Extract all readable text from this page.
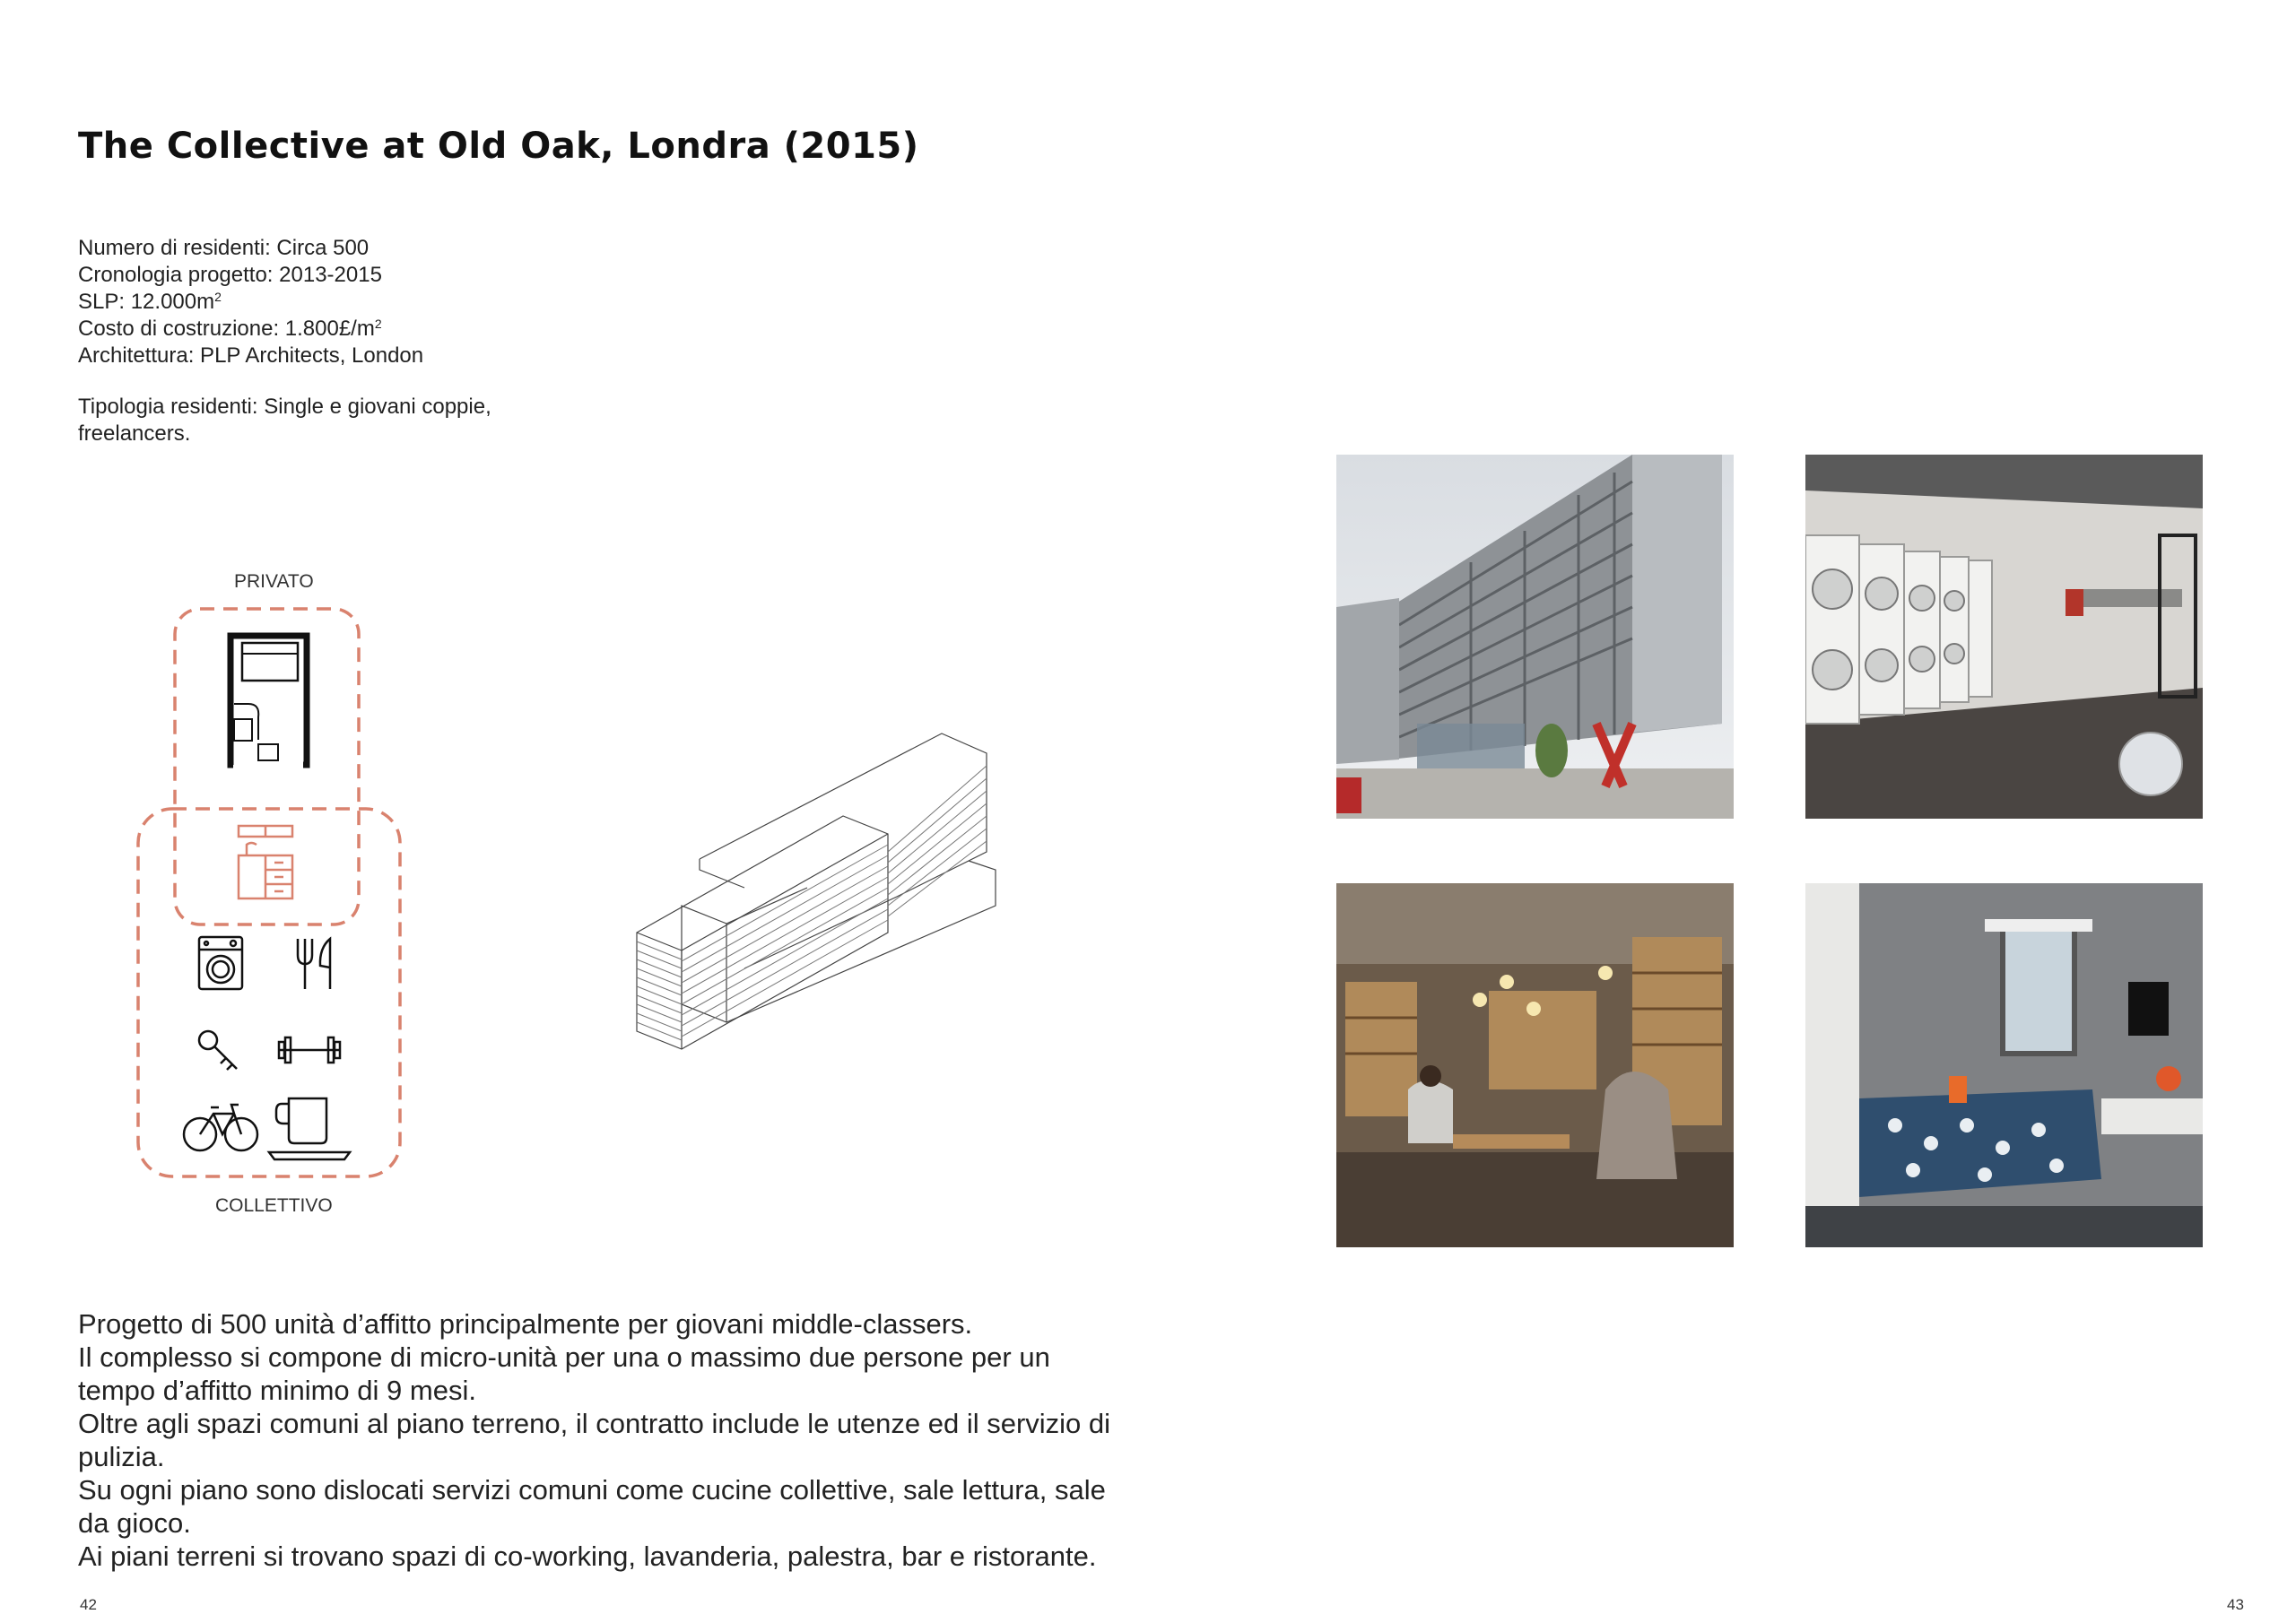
The Collective at Old Oak, Londra (2015)
Numero di residenti: Circa 500
Cronologia progetto: 2013-2015
SLP: $12.000m^2$
Costo di costruzione: $1.800£/m^2$
Architettura: PLP Architects, London
Tipologia residenti: Single e giovani coppie,
freelancers.
PRIVATO
COLLETTIVO
Progetto di 500 unità d’affitto principalmente per giovani middle-classers.
Il complesso si compone di micro-unità per una o massimo due persone per un
tempo d’affitto minimo di 9 mesi.
Oltre agli spazi comuni al piano terreno, il contratto include le utenze ed il servizio di
pulizia.
Su ogni piano sono dislocati servizi comuni come cucine collettive, sale lettura, sale
da gioco.
Ai piani terreni si trovano spazi di co-working, lavanderia, palestra, bar e ristorante.
42	43
